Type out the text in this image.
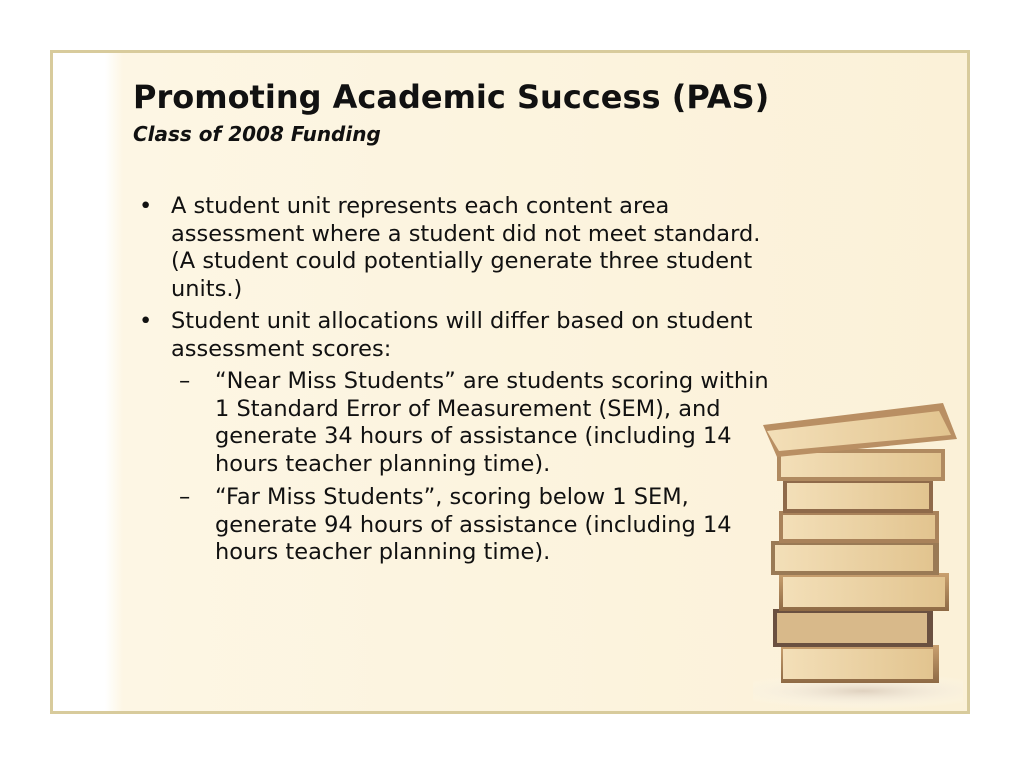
Promoting Academic Success (PAS)
Class of 2008 Funding
• A student unit represents each content area assessment where a student did not meet standard. (A student could potentially generate three student units.)
• Student unit allocations will differ based on student assessment scores:
– “Near Miss Students” are students scoring within 1 Standard Error of Measurement (SEM), and generate 34 hours of assistance (including 14 hours teacher planning time).
– “Far Miss Students”, scoring below 1 SEM, generate 94 hours of assistance (including 14 hours teacher planning time).
